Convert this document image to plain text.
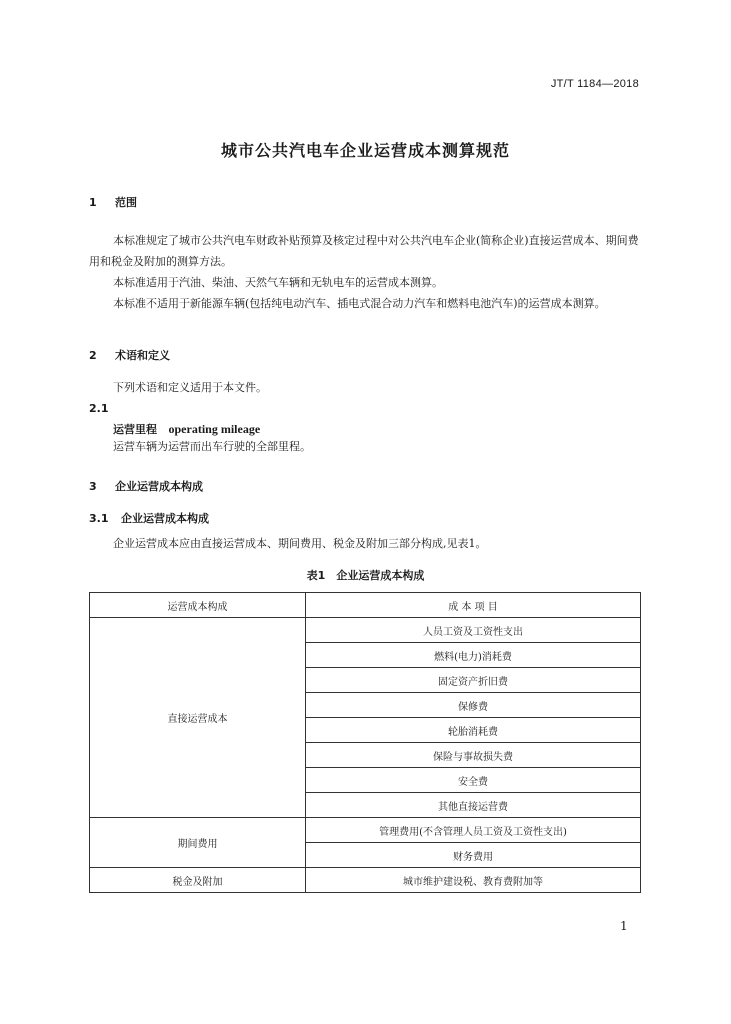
JT/T 1184—2018
城市公共汽电车企业运营成本测算规范
1 范围
本标准规定了城市公共汽电车财政补贴预算及核定过程中对公共汽电车企业(简称企业)直接运营成本、期间费用和税金及附加的测算方法。
本标准适用于汽油、柴油、天然气车辆和无轨电车的运营成本测算。
本标准不适用于新能源车辆(包括纯电动汽车、插电式混合动力汽车和燃料电池汽车)的运营成本测算。
2 术语和定义
下列术语和定义适用于本文件。
2.1
运营里程 operating mileage
运营车辆为运营而出车行驶的全部里程。
3 企业运营成本构成
3.1 企业运营成本构成
企业运营成本应由直接运营成本、期间费用、税金及附加三部分构成,见表1。
表1　企业运营成本构成
运营成本构成	成 本 项 目
直接运营成本	人员工资及工资性支出
	燃料(电力)消耗费
	固定资产折旧费
	保修费
	轮胎消耗费
	保险与事故损失费
	安全费
	其他直接运营费
期间费用	管理费用(不含管理人员工资及工资性支出)
	财务费用
税金及附加	城市维护建设税、教育费附加等
1
